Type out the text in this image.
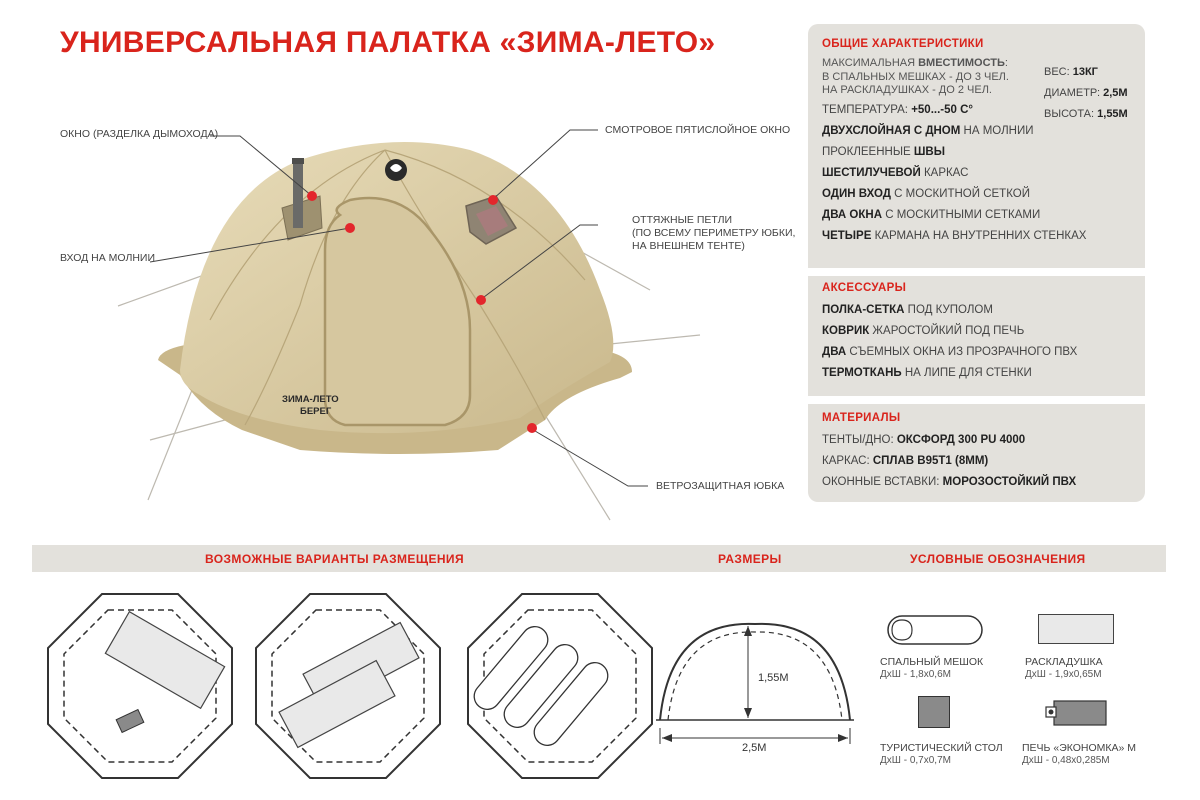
УНИВЕРСАЛЬНАЯ ПАЛАТКА «ЗИМА-ЛЕТО»
ЗИМА-ЛЕТО
БЕРЕГ
ОКНО (РАЗДЕЛКА ДЫМОХОДА)	СМОТРОВОЕ ПЯТИСЛОЙНОЕ ОКНО
ОТТЯЖНЫЕ ПЕТЛИ
(ПО ВСЕМУ ПЕРИМЕТРУ ЮБКИ,
НА ВНЕШНЕМ ТЕНТЕ)
ВХОД НА МОЛНИИ
ВЕТРОЗАЩИТНАЯ ЮБКА
ОБЩИЕ ХАРАКТЕРИСТИКИ
МАКСИМАЛЬНАЯ ВМЕСТИМОСТЬ:
В СПАЛЬНЫХ МЕШКАХ - ДО 3 ЧЕЛ.
НА РАСКЛАДУШКАХ - ДО 2 ЧЕЛ.
ТЕМПЕРАТУРА: +50...-50 С°
ДВУХСЛОЙНАЯ С ДНОМ НА МОЛНИИ
ПРОКЛЕЕННЫЕ ШВЫ
ШЕСТИЛУЧЕВОЙ КАРКАС
ОДИН ВХОД С МОСКИТНОЙ СЕТКОЙ
ДВА ОКНА С МОСКИТНЫМИ СЕТКАМИ
ЧЕТЫРЕ КАРМАНА НА ВНУТРЕННИХ СТЕНКАХ
ВЕС: 13КГ
ДИАМЕТР: 2,5М
ВЫСОТА: 1,55М
АКСЕССУАРЫ
ПОЛКА-СЕТКА ПОД КУПОЛОМ
КОВРИК ЖАРОСТОЙКИЙ ПОД ПЕЧЬ
ДВА СЪЕМНЫХ ОКНА ИЗ ПРОЗРАЧНОГО ПВХ
ТЕРМОТКАНЬ НА ЛИПЕ ДЛЯ СТЕНКИ
МАТЕРИАЛЫ
ТЕНТЫ/ДНО: ОКСФОРД 300 PU 4000
КАРКАС: СПЛАВ В95Т1 (8ММ)
ОКОННЫЕ ВСТАВКИ: МОРОЗОСТОЙКИЙ ПВХ
ВОЗМОЖНЫЕ ВАРИАНТЫ РАЗМЕЩЕНИЯ	РАЗМЕРЫ	УСЛОВНЫЕ ОБОЗНАЧЕНИЯ
1,55М
2,5М
СПАЛЬНЫЙ МЕШОК
ДхШ - 1,8х0,6М
РАСКЛАДУШКА
ДхШ - 1,9х0,65М
ТУРИСТИЧЕСКИЙ СТОЛ
ДхШ - 0,7х0,7М
ПЕЧЬ «ЭКОНОМКА» М
ДхШ - 0,48х0,285М
